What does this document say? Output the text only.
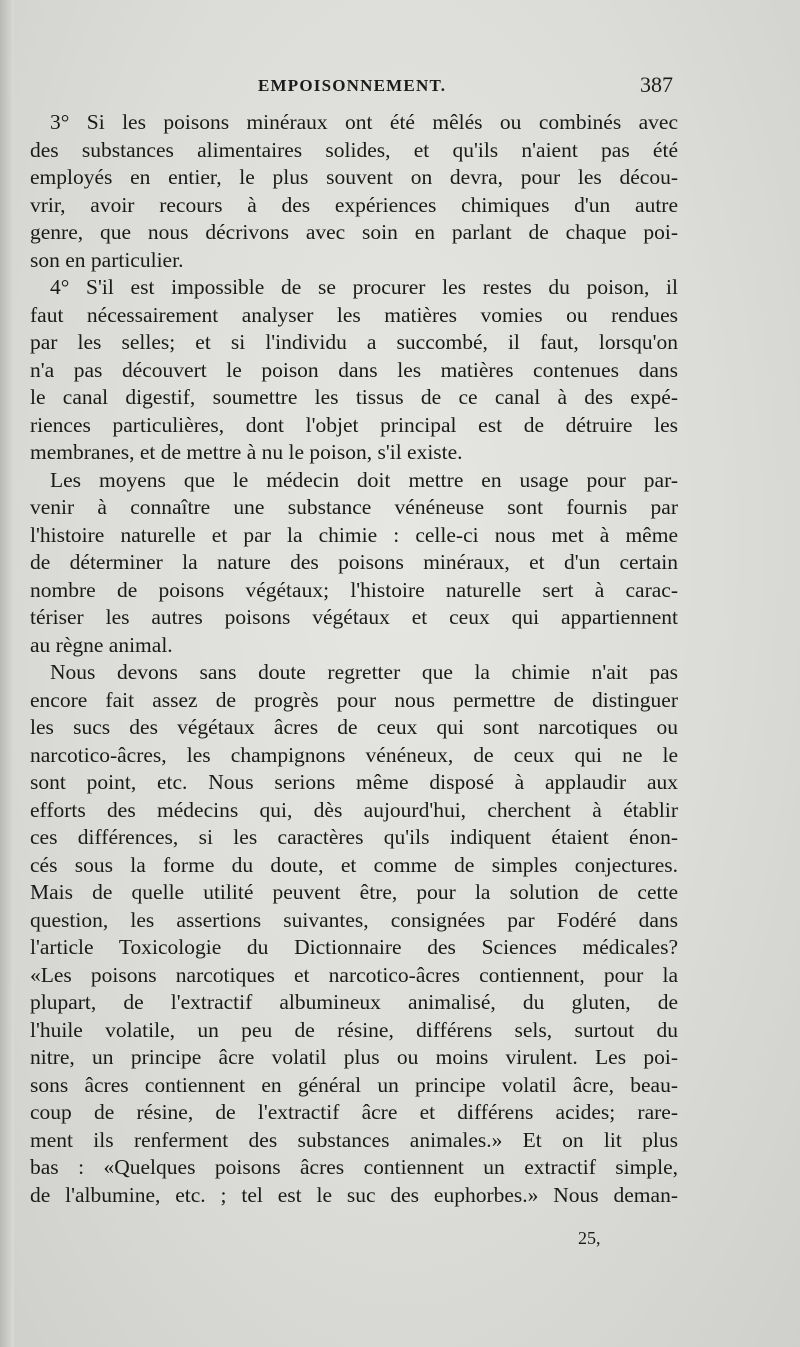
EMPOISONNEMENT.	387
3° Si les poisons minéraux ont été mêlés ou combinés avec
des substances alimentaires solides, et qu'ils n'aient pas été
employés en entier, le plus souvent on devra, pour les décou-
vrir, avoir recours à des expériences chimiques d'un autre
genre, que nous décrivons avec soin en parlant de chaque poi-
son en particulier.
4° S'il est impossible de se procurer les restes du poison, il
faut nécessairement analyser les matières vomies ou rendues
par les selles; et si l'individu a succombé, il faut, lorsqu'on
n'a pas découvert le poison dans les matières contenues dans
le canal digestif, soumettre les tissus de ce canal à des expé-
riences particulières, dont l'objet principal est de détruire les
membranes, et de mettre à nu le poison, s'il existe.
Les moyens que le médecin doit mettre en usage pour par-
venir à connaître une substance vénéneuse sont fournis par
l'histoire naturelle et par la chimie : celle-ci nous met à même
de déterminer la nature des poisons minéraux, et d'un certain
nombre de poisons végétaux; l'histoire naturelle sert à carac-
tériser les autres poisons végétaux et ceux qui appartiennent
au règne animal.
Nous devons sans doute regretter que la chimie n'ait pas
encore fait assez de progrès pour nous permettre de distinguer
les sucs des végétaux âcres de ceux qui sont narcotiques ou
narcotico-âcres, les champignons vénéneux, de ceux qui ne le
sont point, etc. Nous serions même disposé à applaudir aux
efforts des médecins qui, dès aujourd'hui, cherchent à établir
ces différences, si les caractères qu'ils indiquent étaient énon-
cés sous la forme du doute, et comme de simples conjectures.
Mais de quelle utilité peuvent être, pour la solution de cette
question, les assertions suivantes, consignées par Fodéré dans
l'article Toxicologie du Dictionnaire des Sciences médicales?
«Les poisons narcotiques et narcotico-âcres contiennent, pour la
plupart, de l'extractif albumineux animalisé, du gluten, de
l'huile volatile, un peu de résine, différens sels, surtout du
nitre, un principe âcre volatil plus ou moins virulent. Les poi-
sons âcres contiennent en général un principe volatil âcre, beau-
coup de résine, de l'extractif âcre et différens acides; rare-
ment ils renferment des substances animales.» Et on lit plus
bas : «Quelques poisons âcres contiennent un extractif simple,
de l'albumine, etc. ; tel est le suc des euphorbes.» Nous deman-
25,
